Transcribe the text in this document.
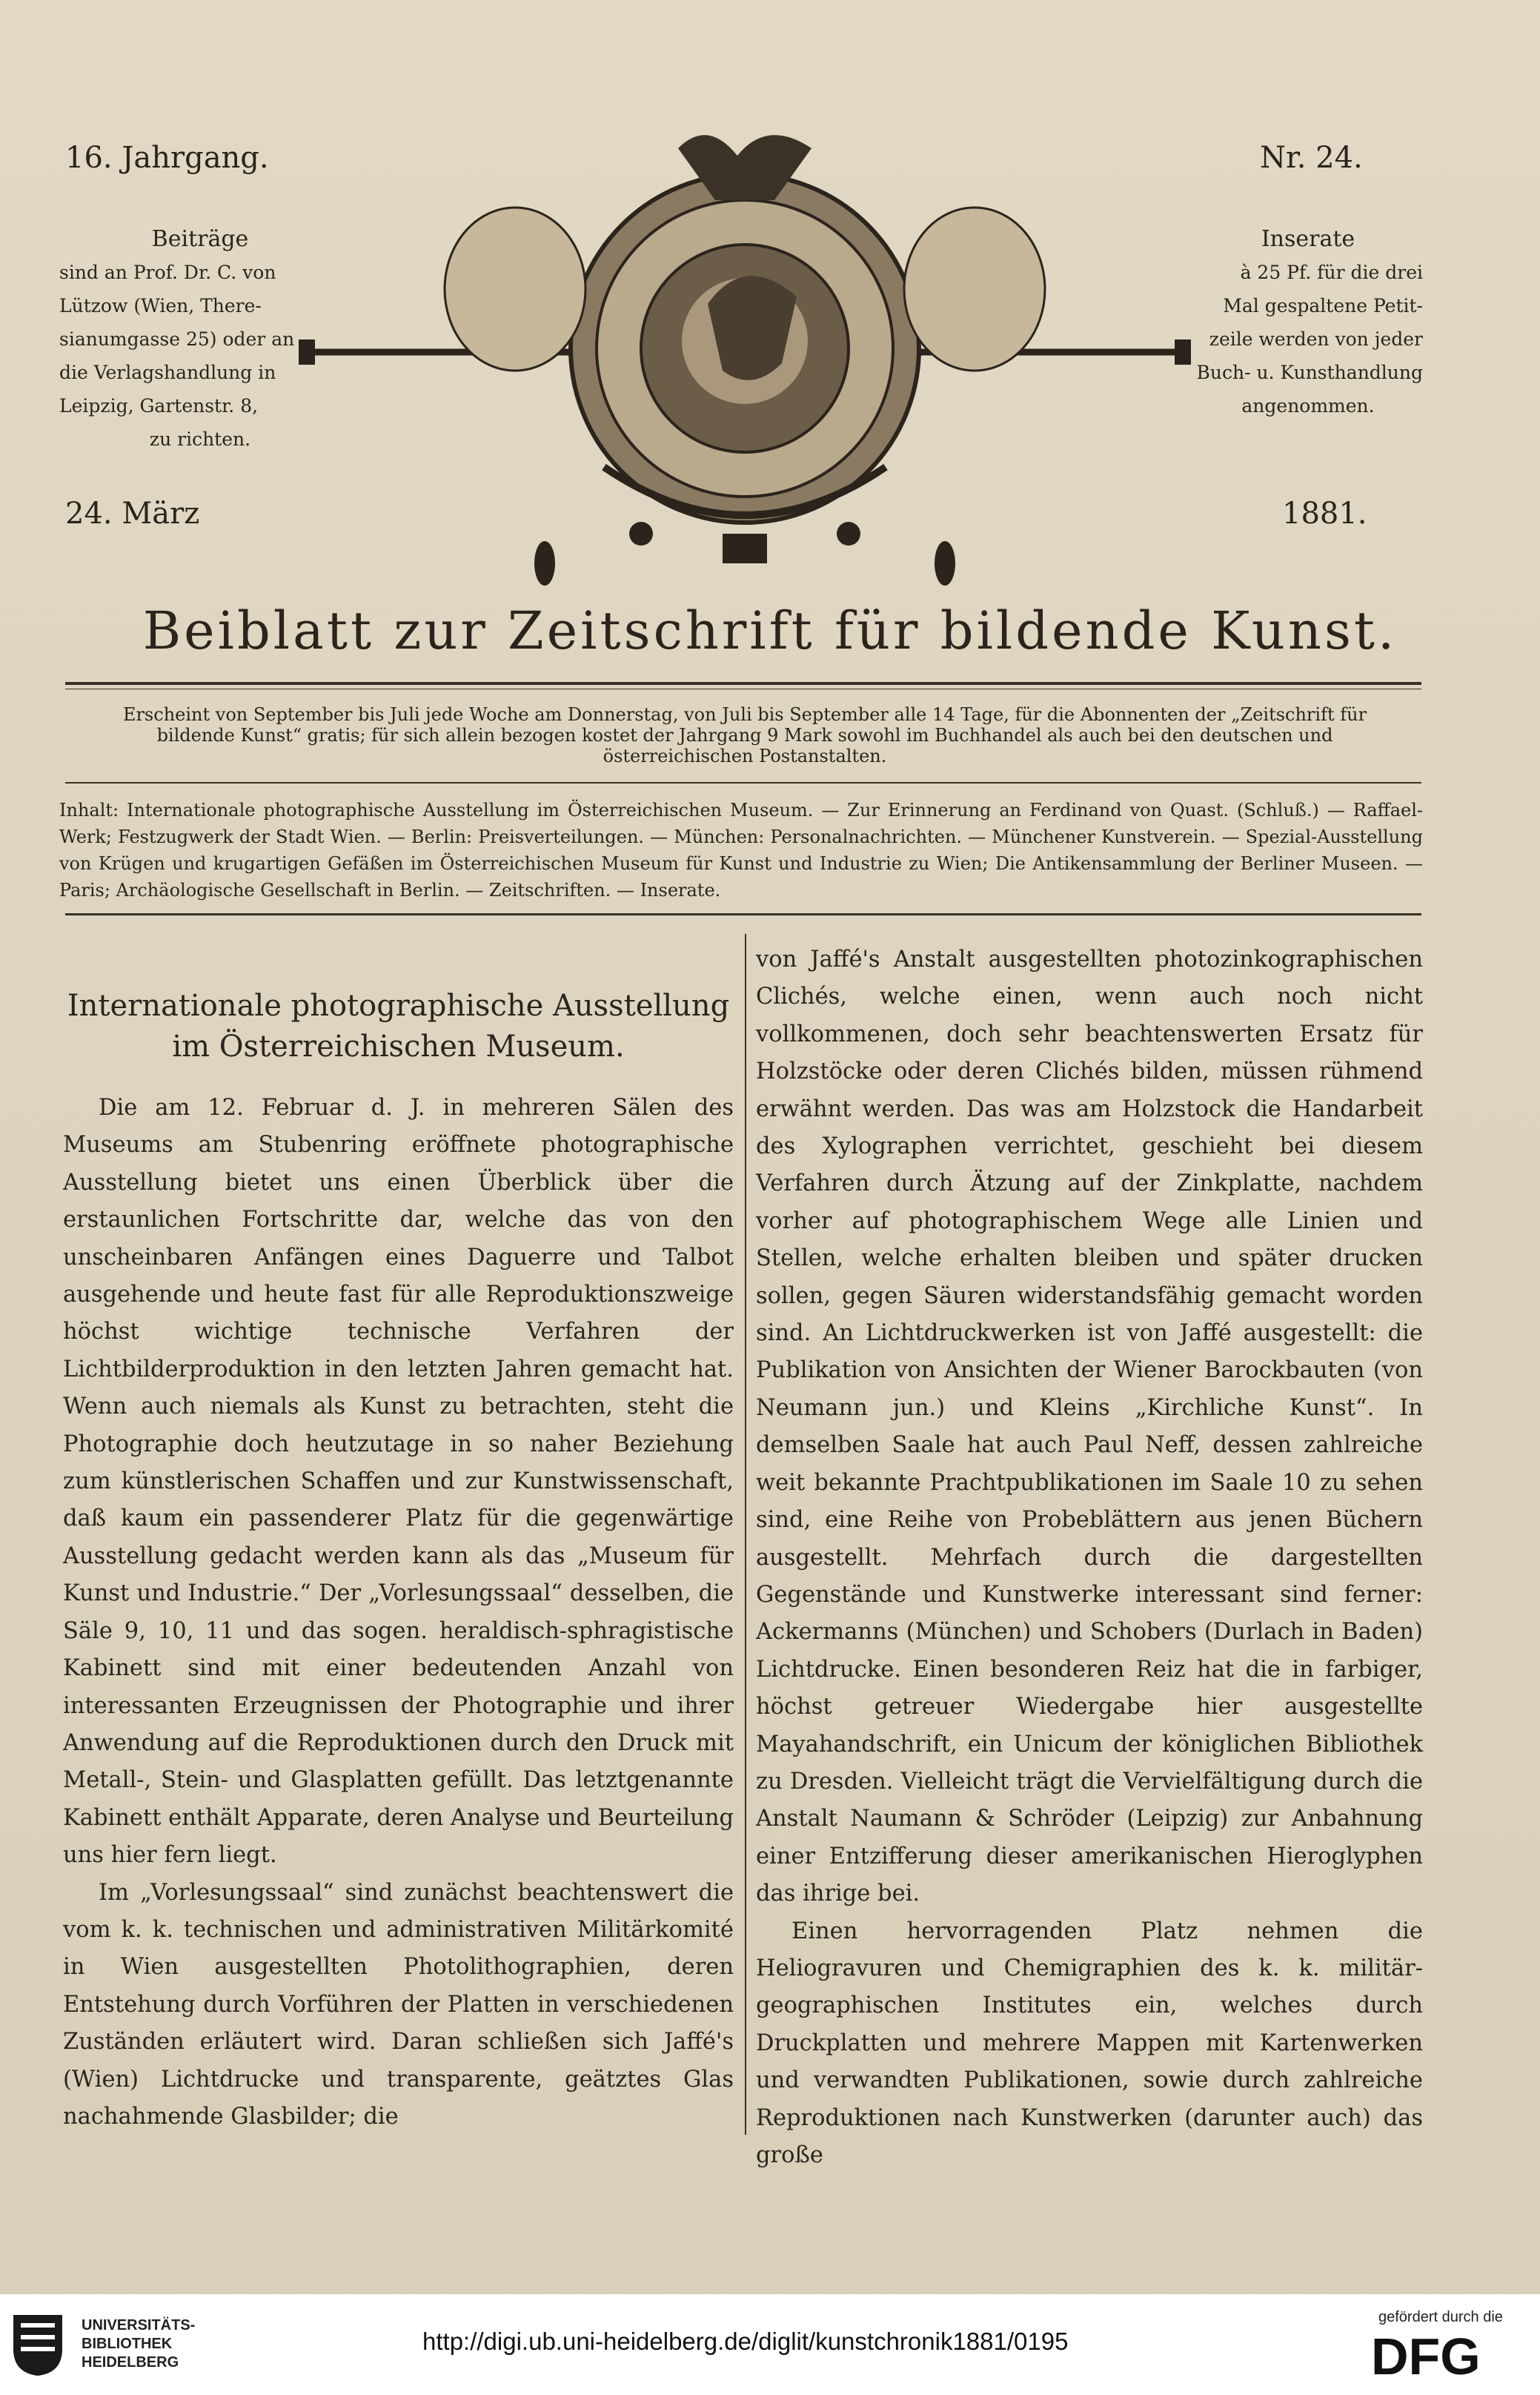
16. Jahrgang.	Nr. 24.
24. März	1881.
Beiträge
sind an Prof. Dr. C. von
Lützow (Wien, There-
sianumgasse 25) oder an
die Verlagshandlung in
Leipzig, Gartenstr. 8,
zu richten.
Inserate
à 25 Pf. für die drei
Mal gespaltene Petit-
zeile werden von jeder
Buch- u. Kunsthandlung
angenommen.
Beiblatt zur Zeitschrift für bildende Kunst.
Erscheint von September bis Juli jede Woche am Donnerstag, von Juli bis September alle 14 Tage, für die Abonnenten der „Zeitschrift für bildende Kunst“ gratis; für sich allein bezogen kostet der Jahrgang 9 Mark sowohl im Buchhandel als auch bei den deutschen und österreichischen Postanstalten.
Inhalt: Internationale photographische Ausstellung im Österreichischen Museum. — Zur Erinnerung an Ferdinand von Quast. (Schluß.) — Raffael-Werk; Festzugwerk der Stadt Wien. — Berlin: Preisverteilungen. — München: Personalnachrichten. — Münchener Kunstverein. — Spezial-Ausstellung von Krügen und krugartigen Gefäßen im Österreichischen Museum für Kunst und Industrie zu Wien; Die Antikensammlung der Berliner Museen. — Paris; Archäologische Gesellschaft in Berlin. — Zeitschriften. — Inserate.
Internationale photographische Ausstellung
im Österreichischen Museum.

Die am 12. Februar d. J. in mehreren Sälen des Museums am Stubenring eröffnete photographische Ausstellung bietet uns einen Überblick über die erstaunlichen Fortschritte dar, welche das von den unscheinbaren Anfängen eines Daguerre und Talbot ausgehende und heute fast für alle Reproduktionszweige höchst wichtige technische Verfahren der Lichtbilderproduktion in den letzten Jahren gemacht hat. Wenn auch niemals als Kunst zu betrachten, steht die Photographie doch heutzutage in so naher Beziehung zum künstlerischen Schaffen und zur Kunstwissenschaft, daß kaum ein passenderer Platz für die gegenwärtige Ausstellung gedacht werden kann als das „Museum für Kunst und Industrie.“ Der „Vorlesungssaal“ desselben, die Säle 9, 10, 11 und das sogen. heraldisch-sphragistische Kabinett sind mit einer bedeutenden Anzahl von interessanten Erzeugnissen der Photographie und ihrer Anwendung auf die Reproduktionen durch den Druck mit Metall-, Stein- und Glasplatten gefüllt. Das letztgenannte Kabinett enthält Apparate, deren Analyse und Beurteilung uns hier fern liegt.

Im „Vorlesungssaal“ sind zunächst beachtenswert die vom k. k. technischen und administrativen Militärkomité in Wien ausgestellten Photolithographien, deren Entstehung durch Vorführen der Platten in verschiedenen Zuständen erläutert wird. Daran schließen sich Jaffé's (Wien) Lichtdrucke und transparente, geätztes Glas nachahmende Glasbilder; die

von Jaffé's Anstalt ausgestellten photozinkographischen Clichés, welche einen, wenn auch noch nicht vollkommenen, doch sehr beachtenswerten Ersatz für Holzstöcke oder deren Clichés bilden, müssen rühmend erwähnt werden. Das was am Holzstock die Handarbeit des Xylographen verrichtet, geschieht bei diesem Verfahren durch Ätzung auf der Zinkplatte, nachdem vorher auf photographischem Wege alle Linien und Stellen, welche erhalten bleiben und später drucken sollen, gegen Säuren widerstandsfähig gemacht worden sind. An Lichtdruckwerken ist von Jaffé ausgestellt: die Publikation von Ansichten der Wiener Barockbauten (von Neumann jun.) und Kleins „Kirchliche Kunst“. In demselben Saale hat auch Paul Neff, dessen zahlreiche weit bekannte Prachtpublikationen im Saale 10 zu sehen sind, eine Reihe von Probeblättern aus jenen Büchern ausgestellt. Mehrfach durch die dargestellten Gegenstände und Kunstwerke interessant sind ferner: Ackermanns (München) und Schobers (Durlach in Baden) Lichtdrucke. Einen besonderen Reiz hat die in farbiger, höchst getreuer Wiedergabe hier ausgestellte Mayahandschrift, ein Unicum der königlichen Bibliothek zu Dresden. Vielleicht trägt die Vervielfältigung durch die Anstalt Naumann & Schröder (Leipzig) zur Anbahnung einer Entzifferung dieser amerikanischen Hieroglyphen das ihrige bei.

Einen hervorragenden Platz nehmen die Heliogravuren und Chemigraphien des k. k. militär-geographischen Institutes ein, welches durch Druckplatten und mehrere Mappen mit Kartenwerken und verwandten Publikationen, sowie durch zahlreiche Reproduktionen nach Kunstwerken (darunter auch) das große

UNIVERSITÄTS-
BIBLIOTHEK
HEIDELBERG
http://digi.ub.uni-heidelberg.de/diglit/kunstchronik1881/0195
gefördert durch die
DFG
